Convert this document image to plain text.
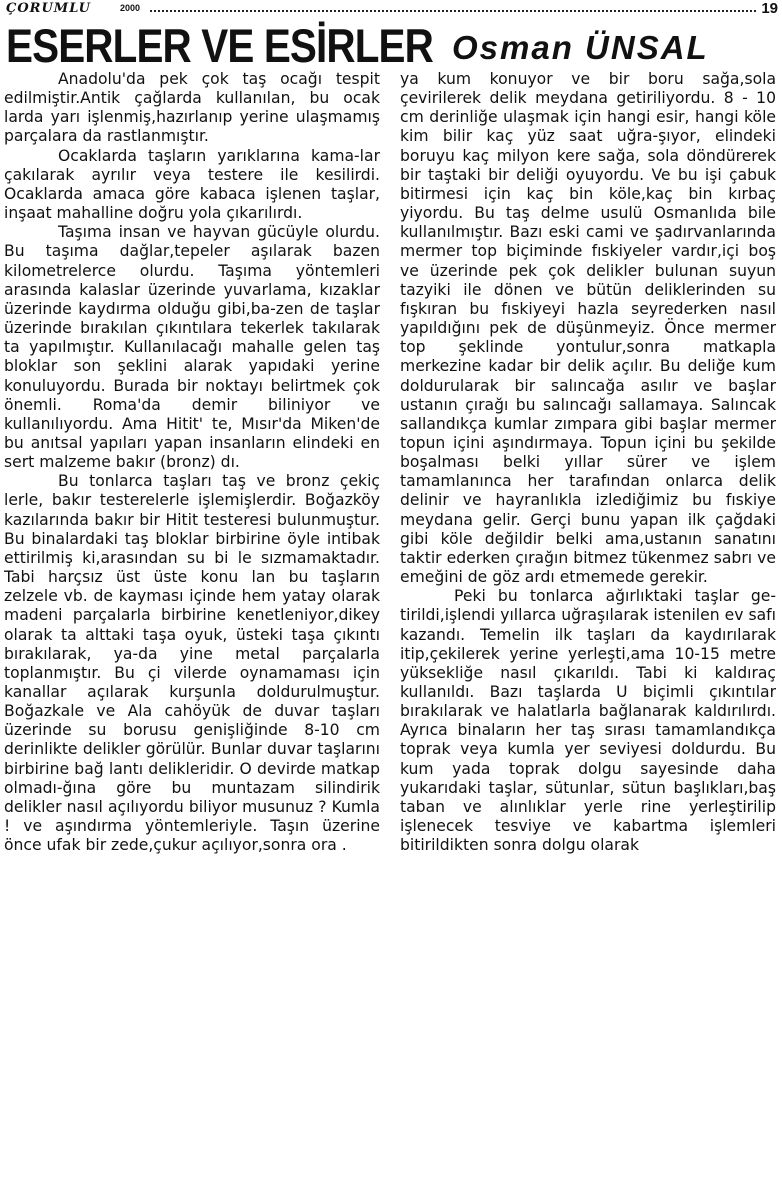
ÇORUMLU	2000	19
ESERLER VE ESİRLER Osman ÜNSAL

Anadolu'da pek çok taş ocağı tespit edilmiştir.Antik çağlarda kullanılan, bu ocak larda yarı işlenmiş,hazırlanıp yerine ulaşmamış parçalara da rastlanmıştır.

Ocaklarda taşların yarıklarına kama-lar çakılarak ayrılır veya testere ile kesilirdi. Ocaklarda amaca göre kabaca işlenen taşlar, inşaat mahalline doğru yola çıkarılırdı.

Taşıma insan ve hayvan gücüyle olurdu. Bu taşıma dağlar,tepeler aşılarak bazen kilometrelerce olurdu. Taşıma yöntemleri arasında kalaslar üzerinde yuvarlama, kızaklar üzerinde kaydırma olduğu gibi,ba-zen de taşlar üzerinde bırakılan çıkıntılara tekerlek takılarak ta yapılmıştır. Kullanılacağı mahalle gelen taş bloklar son şeklini alarak yapıdaki yerine konuluyordu. Burada bir noktayı belirtmek çok önemli. Roma'da demir biliniyor ve kullanılıyordu. Ama Hitit' te, Mısır'da Miken'de bu anıtsal yapıları yapan insanların elindeki en sert malzeme bakır (bronz) dı.

Bu tonlarca taşları taş ve bronz çekiç lerle, bakır testerelerle işlemişlerdir. Boğazköy kazılarında bakır bir Hitit testeresi bulunmuştur. Bu binalardaki taş bloklar birbirine öyle intibak ettirilmiş ki,arasından su bi le sızmamaktadır. Tabi harçsız üst üste konu lan bu taşların zelzele vb. de kayması içinde hem yatay olarak madeni parçalarla birbirine kenetleniyor,dikey olarak ta alttaki taşa oyuk, üsteki taşa çıkıntı bırakılarak, ya-da yine metal parçalarla toplanmıştır. Bu çi vilerde oynamaması için kanallar açılarak kurşunla doldurulmuştur. Boğazkale ve Ala cahöyük de duvar taşları üzerinde su borusu genişliğinde 8-10 cm derinlikte delikler görülür. Bunlar duvar taşlarını birbirine bağ lantı delikleridir. O devirde matkap olmadı-ğına göre bu muntazam silindirik delikler nasıl açılıyordu biliyor musunuz ? Kumla ! ve aşındırma yöntemleriyle. Taşın üzerine önce ufak bir zede,çukur açılıyor,sonra ora .

ya kum konuyor ve bir boru sağa,sola çevirilerek delik meydana getiriliyordu. 8 - 10 cm derinliğe ulaşmak için hangi esir, hangi köle kim bilir kaç yüz saat uğra-şıyor, elindeki boruyu kaç milyon kere sağa, sola döndürerek bir taştaki bir deliği oyuyordu. Ve bu işi çabuk bitirmesi için kaç bin köle,kaç bin kırbaç yiyordu. Bu taş delme usulü Osmanlıda bile kullanılmıştır. Bazı eski cami ve şadırvanlarında mermer top biçiminde fıskiyeler vardır,içi boş ve üzerinde pek çok delikler bulunan suyun tazyiki ile dönen ve bütün deliklerinden su fışkıran bu fıskiyeyi hazla seyrederken nasıl yapıldığını pek de düşünmeyiz. Önce mermer top şeklinde yontulur,sonra matkapla merkezine kadar bir delik açılır. Bu deliğe kum doldurularak bir salıncağa asılır ve başlar ustanın çırağı bu salıncağı sallamaya. Salıncak sallandıkça kumlar zımpara gibi başlar mermer topun içini aşındırmaya. Topun içini bu şekilde boşalması belki yıllar sürer ve işlem tamamlanınca her tarafından onlarca delik delinir ve hayranlıkla izlediğimiz bu fıskiye meydana gelir. Gerçi bunu yapan ilk çağdaki gibi köle değildir belki ama,ustanın sanatını taktir ederken çırağın bitmez tükenmez sabrı ve emeğini de göz ardı etmemede gerekir.

Peki bu tonlarca ağırlıktaki taşlar ge-tirildi,işlendi yıllarca uğraşılarak istenilen ev safı kazandı. Temelin ilk taşları da kaydırılarak itip,çekilerek yerine yerleşti,ama 10-15 metre yüksekliğe nasıl çıkarıldı. Tabi ki kaldıraç kullanıldı. Bazı taşlarda U biçimli çıkıntılar bırakılarak ve halatlarla bağlanarak kaldırılırdı. Ayrıca binaların her taş sırası tamamlandıkça toprak veya kumla yer seviyesi doldurdu. Bu kum yada toprak dolgu sayesinde daha yukarıdaki taşlar, sütunlar, sütun başlıkları,baş taban ve alınlıklar yerle rine yerleştirilip işlenecek tesviye ve kabartma işlemleri bitirildikten sonra dolgu olarak
